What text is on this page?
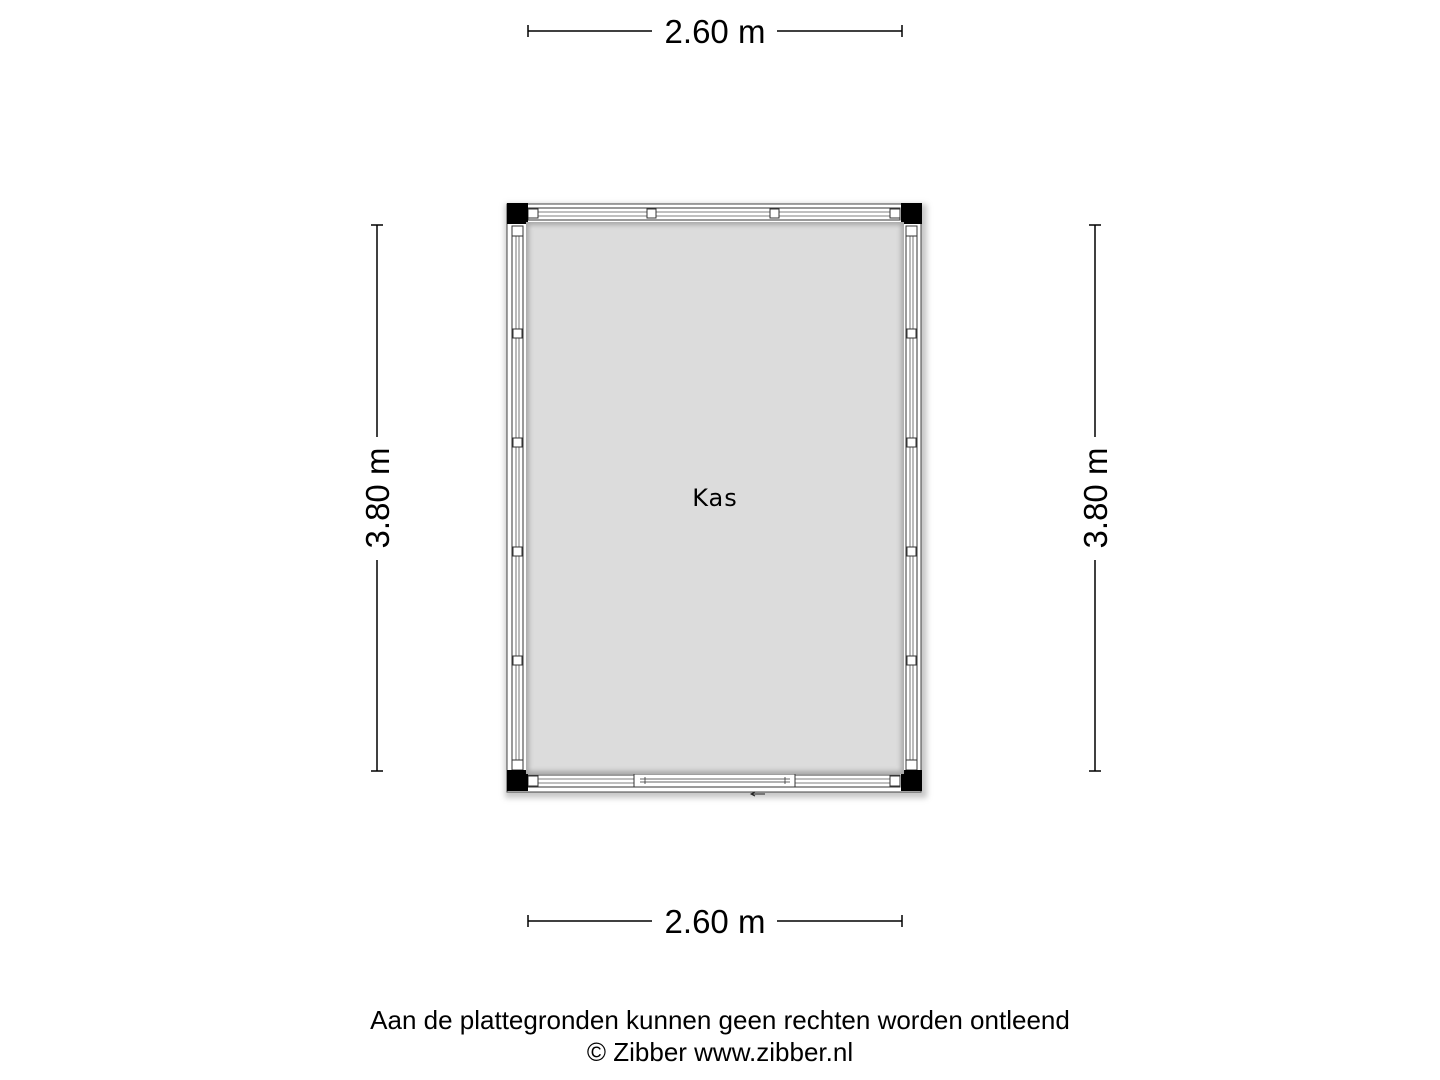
2.60 m
2.60 m
3.80 m	3.80 m
Kas
Aan de plattegronden kunnen geen rechten worden ontleend
© Zibber www.zibber.nl
